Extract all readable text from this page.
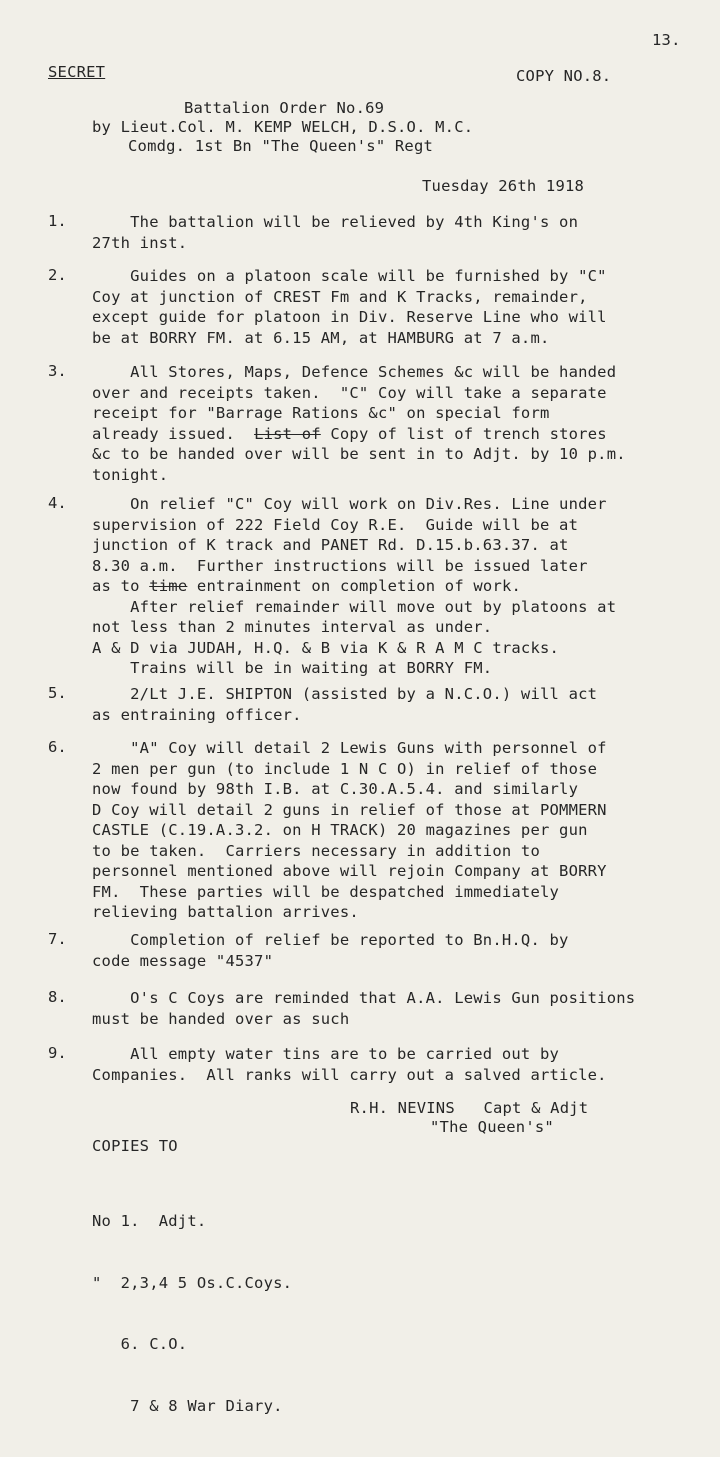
13.
SECRET	COPY NO.8.
Battalion Order No.69
by Lieut.Col. M. KEMP WELCH, D.S.O. M.C.
Comdg. 1st Bn "The Queen's" Regt
Tuesday 26th 1918
1. The battalion will be relieved by 4th King's on
27th inst.
2. Guides on a platoon scale will be furnished by "C"
Coy at junction of CREST Fm and K Tracks, remainder,
except guide for platoon in Div. Reserve Line who will
be at BORRY FM. at 6.15 AM, at HAMBURG at 7 a.m.
3. All Stores, Maps, Defence Schemes &c will be handed
over and receipts taken.  "C" Coy will take a separate
receipt for "Barrage Rations &c" on special form
already issued. List of Copy of list of trench stores
&c to be handed over will be sent in to Adjt. by 10 p.m.
tonight.
4. On relief "C" Coy will work on Div.Res. Line under
supervision of 222 Field Coy R.E.  Guide will be at
junction of K track and PANET Rd. D.15.b.63.37. at
8.30 a.m.  Further instructions will be issued later
as to time entrainment on completion of work.
After relief remainder will move out by platoons at
not less than 2 minutes interval as under.
A & D via JUDAH, H.Q. & B via K & R A M C tracks.
Trains will be in waiting at BORRY FM.
5. 2/Lt J.E. SHIPTON (assisted by a N.C.O.) will act
as entraining officer.
6. "A" Coy will detail 2 Lewis Guns with personnel of
2 men per gun (to include 1 N C O) in relief of those
now found by 98th I.B. at C.30.A.5.4. and similarly
D Coy will detail 2 guns in relief of those at POMMERN
CASTLE (C.19.A.3.2. on H TRACK) 20 magazines per gun
to be taken.  Carriers necessary in addition to
personnel mentioned above will rejoin Company at BORRY
FM.  These parties will be despatched immediately
relieving battalion arrives.
7. Completion of relief be reported to Bn.H.Q. by
code message "4537"
8. O's C Coys are reminded that A.A. Lewis Gun positions
must be handed over as such
9. All empty water tins are to be carried out by
Companies.  All ranks will carry out a salved article.
R.H. NEVINS   Capt & Adjt
"The Queen's"
COPIES TO

No 1.  Adjt.

"  2,3,4 5 Os.C.Coys.

6. C.O.

7 & 8 War Diary.
